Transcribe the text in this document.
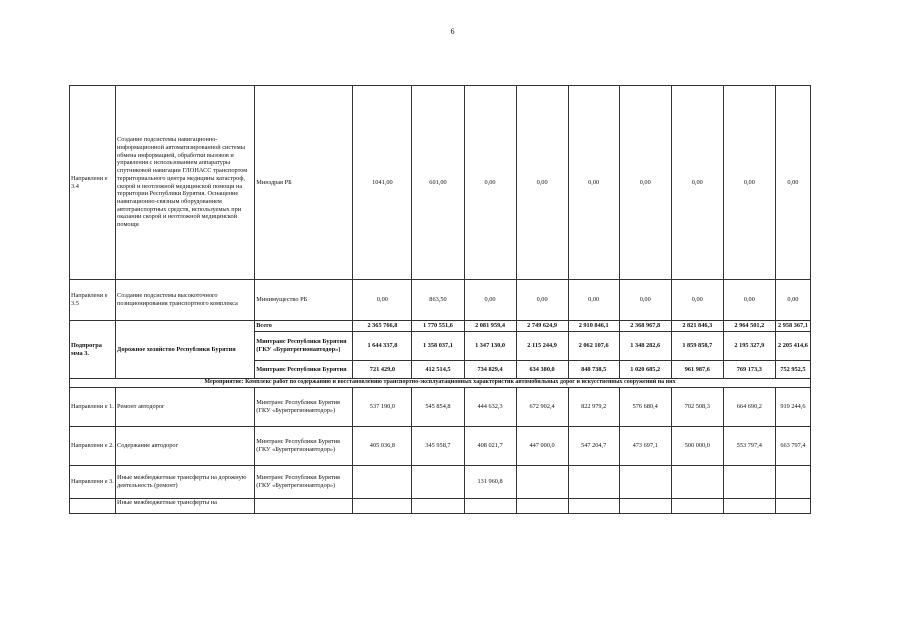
6
Направлени е 3.4	Создание подсистемы навигационно-информационной автоматизированной системы обмена информацией, обработки вызовов и управления с использованием аппаратуры спутниковой навигации ГЛОНАСС транспортом территориального центра медицины катастроф, скорой и неотложной медицинской помощи на территории Республики Бурятия. Оснащение навигационно-связным оборудованием автотранспортных средств, используемых при оказании скорой и неотложной медицинской помощи	Минздрав РБ	1041,00	601,00	0,00	0,00	0,00	0,00	0,00	0,00	0,00
Направлени е 3.5	Создание подсистемы высокоточного позиционирования транспортного комплекса	Минимущество РБ	0,00	863,50	0,00	0,00	0,00	0,00	0,00	0,00	0,00
Подпрогра мма 3.	Дорожное хозяйство Республики Бурятия	Всего	2 365 766,8	1 770 551,6	2 081 959,4	2 749 624,9	2 910 846,1	2 368 967,8	2 821 846,3	2 964 501,2	2 958 367,1
		Минтранс Республики Бурятия (ГКУ «Бурятрегионавтодор»)	1 644 337,8	1 358 037,1	1 347 130,0	2 115 244,9	2 062 107,6	1 348 282,6	1 859 858,7	2 195 327,9	2 205 414,6
		Минтранс Республики Бурятия	721 429,0	412 514,5	734 829,4	634 380,0	848 738,5	1 020 685,2	961 987,6	769 173,3	752 952,5
Мероприятие: Комплекс работ по содержанию и восстановлению транспортно-эксплуатационных характеристик автомобильных дорог и искусственных сооружений на них											
Направлени е 1.	Ремонт автодорог	Минтранс Республики Бурятия (ГКУ «Бурятрегионавтодор»)	537 190,0	545 854,8	444 632,3	672 902,4	822 979,2	576 680,4	702 508,3	664 690,2	919 244,6
Направлени е 2.	Содержание автодорог	Минтранс Республики Бурятия (ГКУ «Бурятрегионавтодор»)	405 036,8	345 958,7	408 021,7	447 000,0	547 204,7	473 697,1	500 000,0	553 797,4	663 797,4
Направлени е 3.	Иные межбюджетные трансферты на дорожную деятельность (ремонт)	Минтранс Республики Бурятия (ГКУ «Бурятрегионавтодор»)			131 960,8						
	Иные межбюджетные трансферты на										
